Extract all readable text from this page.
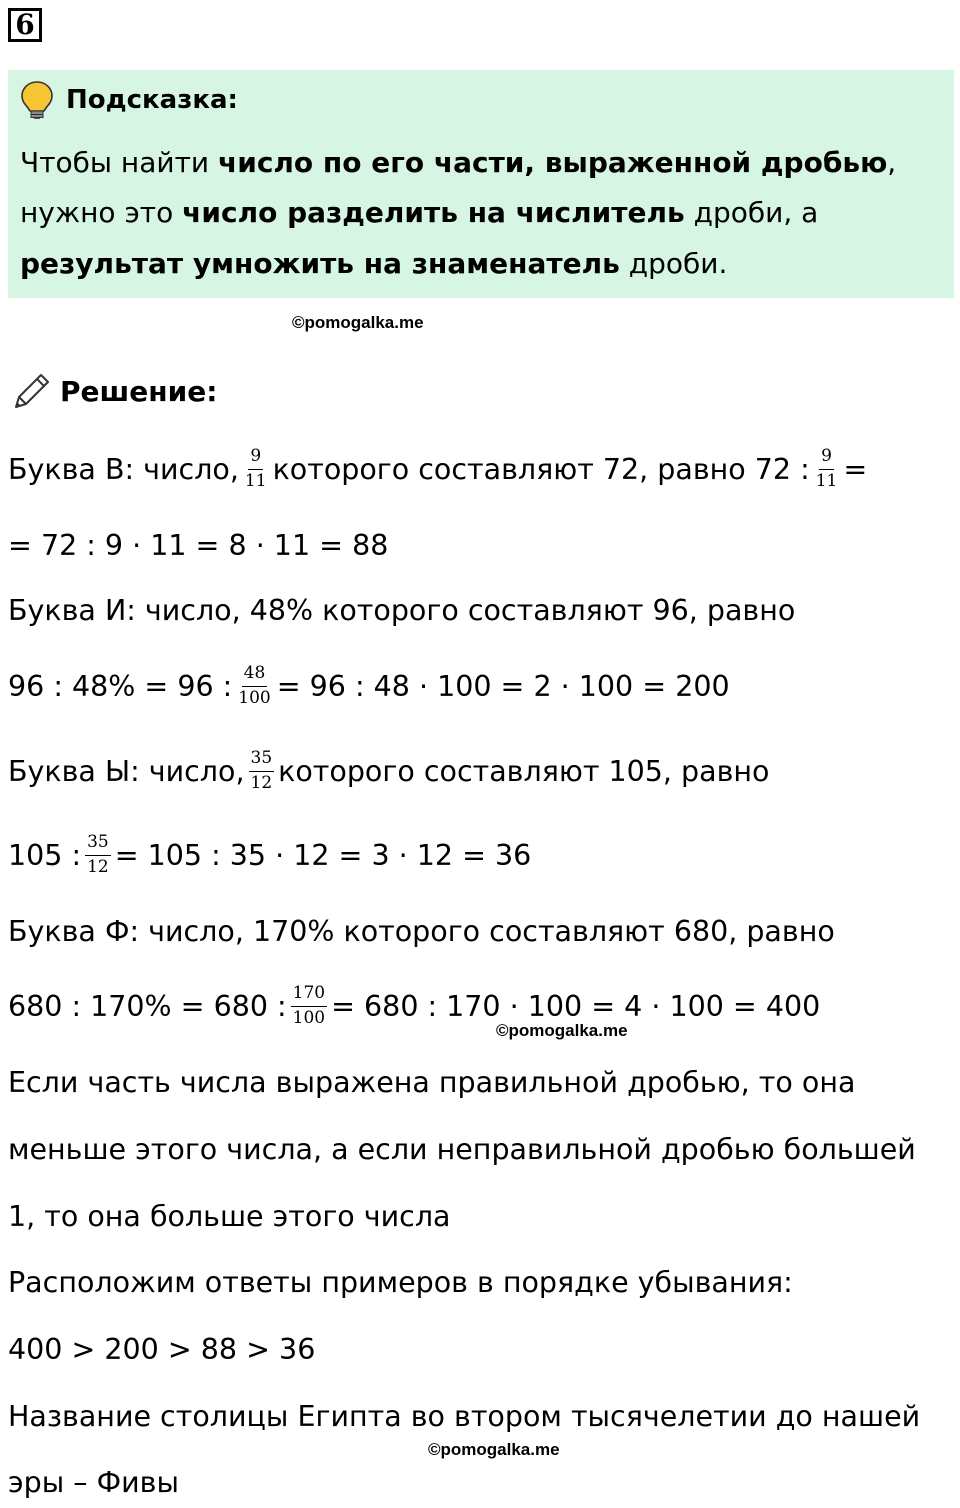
6
Подсказка:
Чтобы найти число по его части, выраженной дробью,
нужно это число разделить на числитель дроби, а
результат умножить на знаменатель дроби.
©pomogalka.me
Решение:
Буква В: число, $\frac{9}{11}$ которого составляют 72, равно 72 : $\frac{9}{11}$ =
= 72 : 9 · 11 = 8 · 11 = 88
Буква И: число, 48% которого составляют 96, равно
96 : 48% = 96 : $\frac{48}{100} = 96$ : 48 · 100 = 2 · 100 = 200
Буква Ы: число, $\frac{35}{12}$ которого составляют 105, равно
105 : $\frac{35}{12} = 105$ : 35 · 12 = 3 · 12 = 36
Буква Ф: число, 170% которого составляют 680, равно
680 : 170% = 680 : $\frac{170}{100} = 680$ : 170 · 100 = 4 · 100 = 400
©pomogalka.me
Если часть числа выражена правильной дробью, то она
меньше этого числа, а если неправильной дробью большей
1, то она больше этого числа
Расположим ответы примеров в порядке убывания:
400 > 200 > 88 > 36
Название столицы Египта во втором тысячелетии до нашей
©pomogalka.me
эры – Фивы
